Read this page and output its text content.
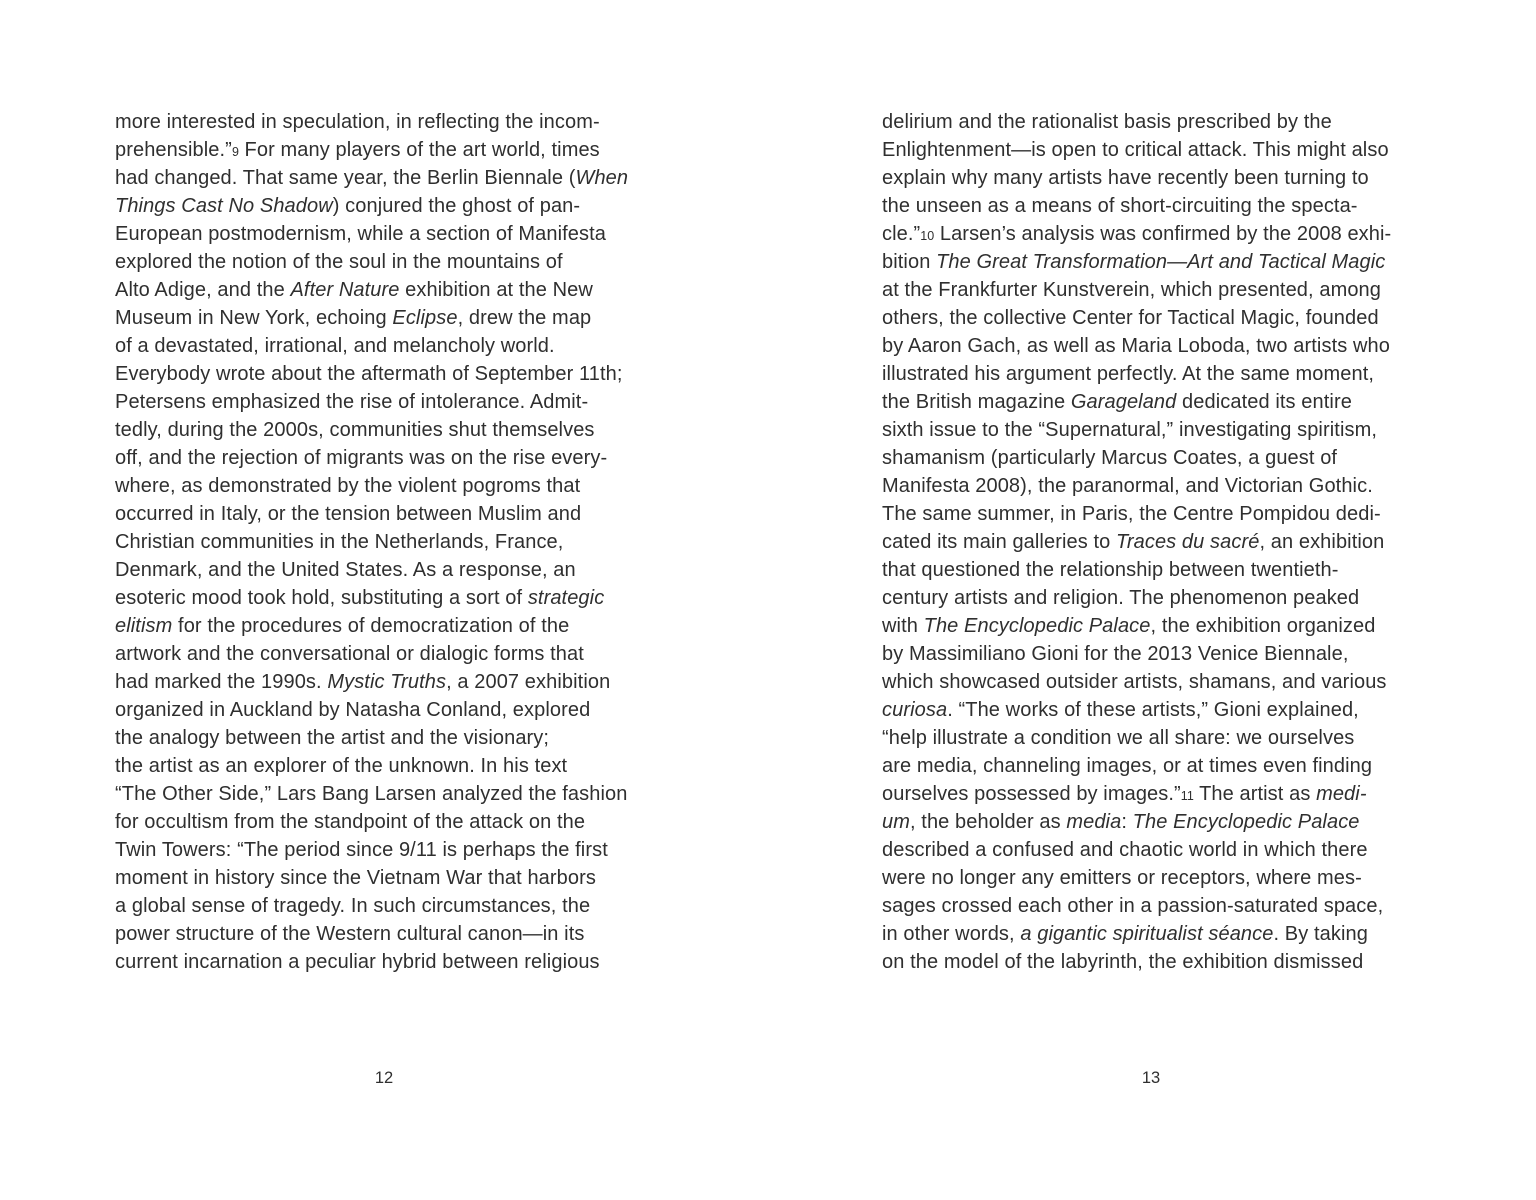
more interested in speculation, in reflecting the incom-
prehensible.”9 For many players of the art world, times
had changed. That same year, the Berlin Biennale (When
Things Cast No Shadow) conjured the ghost of pan-
European postmodernism, while a section of Manifesta
explored the notion of the soul in the mountains of
Alto Adige, and the After Nature exhibition at the New
Museum in New York, echoing Eclipse, drew the map
of a devastated, irrational, and melancholy world.
Everybody wrote about the aftermath of September 11th;
Petersens emphasized the rise of intolerance. Admit-
tedly, during the 2000s, communities shut themselves
off, and the rejection of migrants was on the rise every-
where, as demonstrated by the violent pogroms that
occurred in Italy, or the tension between Muslim and
Christian communities in the Netherlands, France,
Denmark, and the United States. As a response, an
esoteric mood took hold, substituting a sort of strategic
elitism for the procedures of democratization of the
artwork and the conversational or dialogic forms that
had marked the 1990s. Mystic Truths, a 2007 exhibition
organized in Auckland by Natasha Conland, explored
the analogy between the artist and the visionary;
the artist as an explorer of the unknown. In his text
“The Other Side,” Lars Bang Larsen analyzed the fashion
for occultism from the standpoint of the attack on the
Twin Towers: “The period since 9/11 is perhaps the first
moment in history since the Vietnam War that harbors
a global sense of tragedy. In such circumstances, the
power structure of the Western cultural canon—in its
current incarnation a peculiar hybrid between religious
12
delirium and the rationalist basis prescribed by the
Enlightenment—is open to critical attack. This might also
explain why many artists have recently been turning to
the unseen as a means of short-circuiting the specta-
cle.”10 Larsen’s analysis was confirmed by the 2008 exhi-
bition The Great Transformation—Art and Tactical Magic
at the Frankfurter Kunstverein, which presented, among
others, the collective Center for Tactical Magic, founded
by Aaron Gach, as well as Maria Loboda, two artists who
illustrated his argument perfectly. At the same moment,
the British magazine Garageland dedicated its entire
sixth issue to the “Supernatural,” investigating spiritism,
shamanism (particularly Marcus Coates, a guest of
Manifesta 2008), the paranormal, and Victorian Gothic.
The same summer, in Paris, the Centre Pompidou dedi-
cated its main galleries to Traces du sacré, an exhibition
that questioned the relationship between twentieth-
century artists and religion. The phenomenon peaked
with The Encyclopedic Palace, the exhibition organized
by Massimiliano Gioni for the 2013 Venice Biennale,
which showcased outsider artists, shamans, and various
curiosa. “The works of these artists,” Gioni explained,
“help illustrate a condition we all share: we ourselves
are media, channeling images, or at times even finding
ourselves possessed by images.”11 The artist as medi-
um, the beholder as media: The Encyclopedic Palace
described a confused and chaotic world in which there
were no longer any emitters or receptors, where mes-
sages crossed each other in a passion-saturated space,
in other words, a gigantic spiritualist séance. By taking
on the model of the labyrinth, the exhibition dismissed
13
